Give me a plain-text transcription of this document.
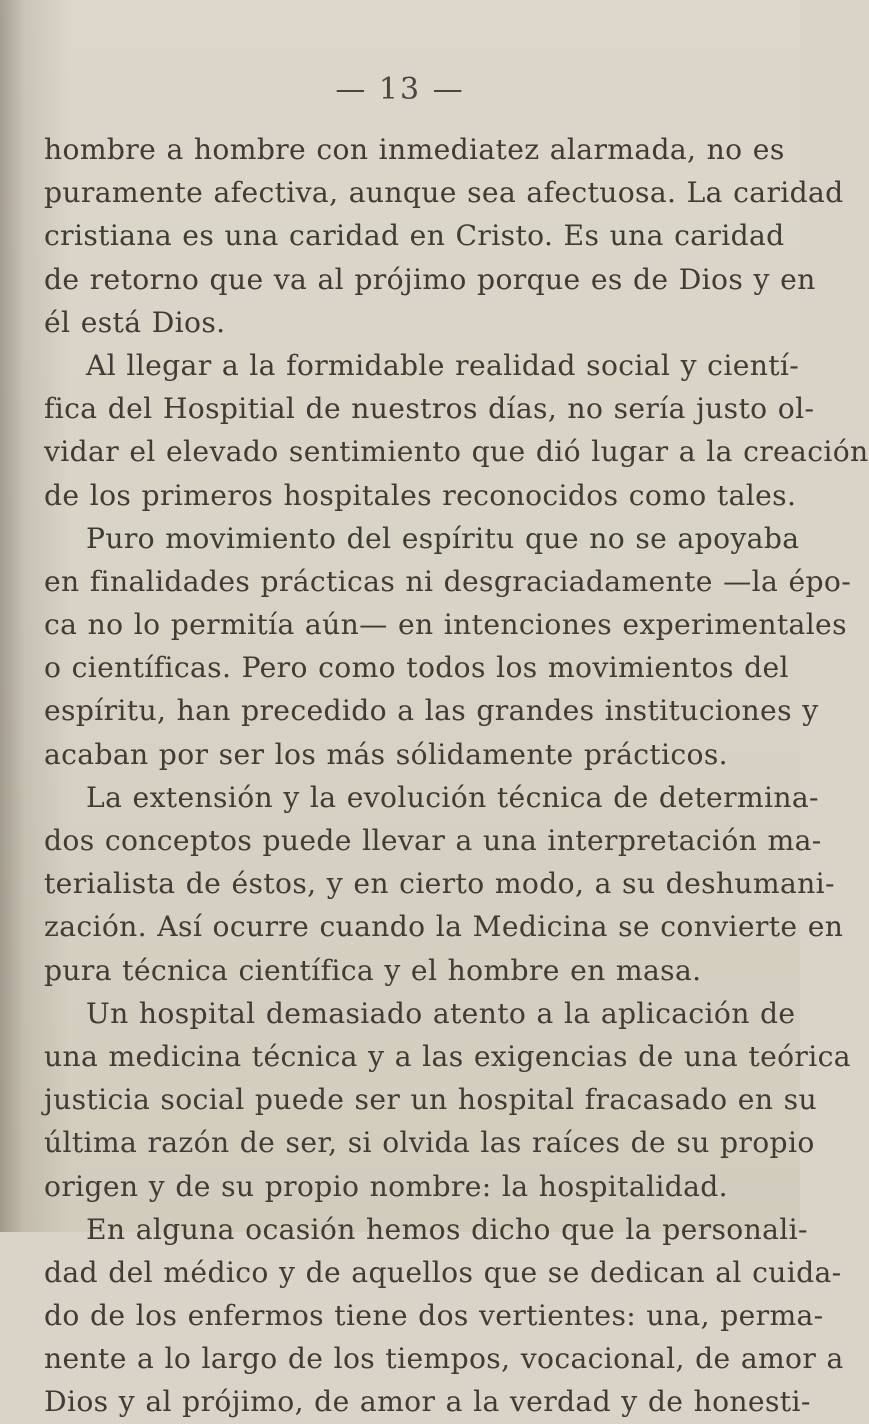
— 13 —
hombre a hombre con inmediatez alarmada, no es
puramente afectiva, aunque sea afectuosa. La caridad
cristiana es una caridad en Cristo. Es una caridad
de retorno que va al prójimo porque es de Dios y en
él está Dios.
Al llegar a la formidable realidad social y cientí-
fica del Hospitial de nuestros días, no sería justo ol-
vidar el elevado sentimiento que dió lugar a la creación
de los primeros hospitales reconocidos como tales.
Puro movimiento del espíritu que no se apoyaba
en finalidades prácticas ni desgraciadamente —la épo-
ca no lo permitía aún— en intenciones experimentales
o científicas. Pero como todos los movimientos del
espíritu, han precedido a las grandes instituciones y
acaban por ser los más sólidamente prácticos.
La extensión y la evolución técnica de determina-
dos conceptos puede llevar a una interpretación ma-
terialista de éstos, y en cierto modo, a su deshumani-
zación. Así ocurre cuando la Medicina se convierte en
pura técnica científica y el hombre en masa.
Un hospital demasiado atento a la aplicación de
una medicina técnica y a las exigencias de una teórica
justicia social puede ser un hospital fracasado en su
última razón de ser, si olvida las raíces de su propio
origen y de su propio nombre: la hospitalidad.
En alguna ocasión hemos dicho que la personali-
dad del médico y de aquellos que se dedican al cuida-
do de los enfermos tiene dos vertientes: una, perma-
nente a lo largo de los tiempos, vocacional, de amor a
Dios y al prójimo, de amor a la verdad y de honesti-
